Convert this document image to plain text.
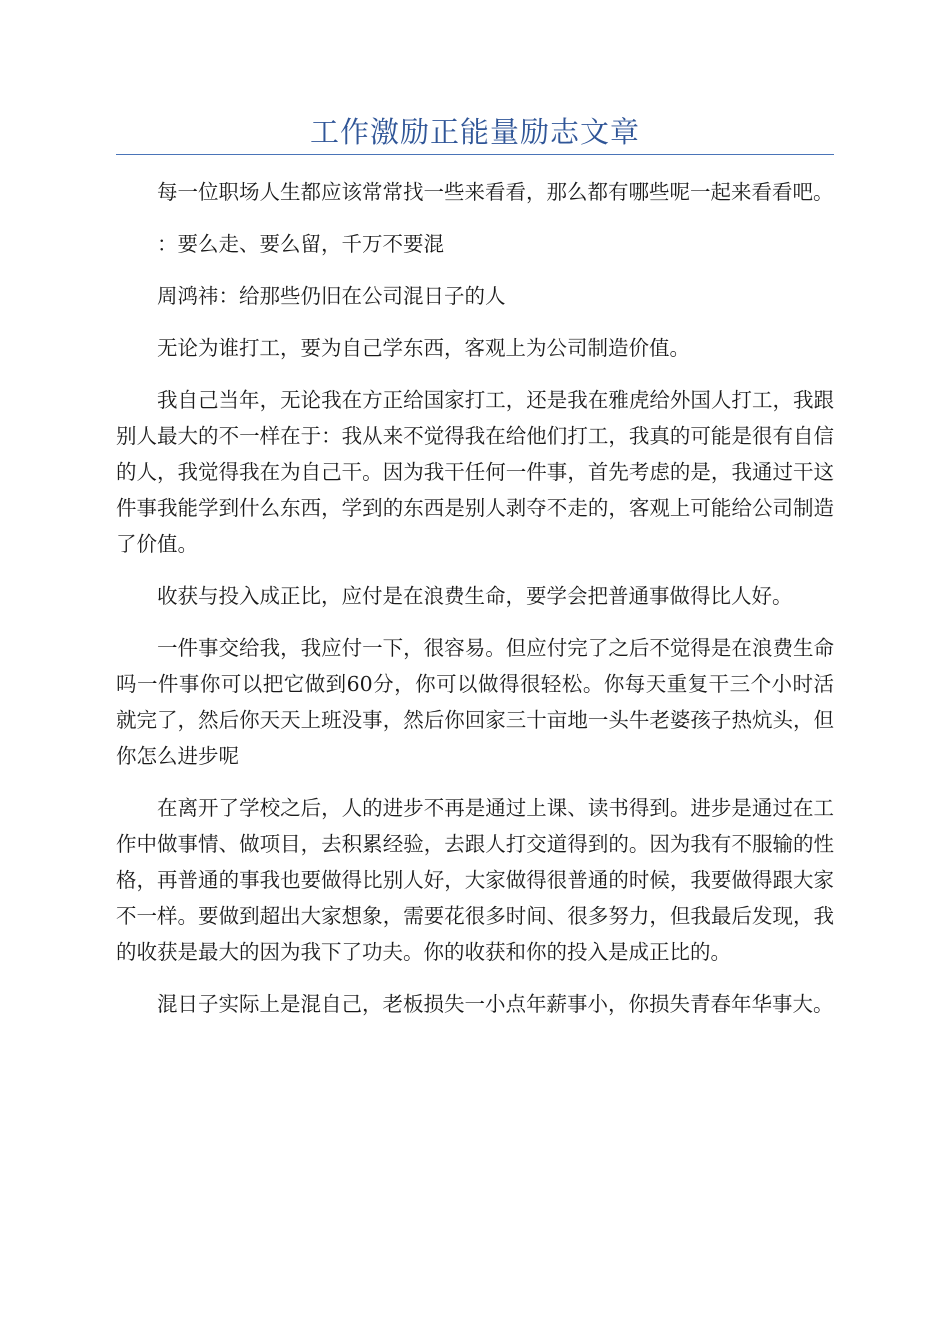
工作激励正能量励志文章

每一位职场人生都应该常常找一些来看看，那么都有哪些呢一起来看看吧。

：要么走、要么留，千万不要混

周鸿祎：给那些仍旧在公司混日子的人

无论为谁打工，要为自己学东西，客观上为公司制造价值。

我自己当年，无论我在方正给国家打工，还是我在雅虎给外国人打工，我跟别人最大的不一样在于：我从来不觉得我在给他们打工，我真的可能是很有自信的人，我觉得我在为自己干。因为我干任何一件事，首先考虑的是，我通过干这件事我能学到什么东西，学到的东西是别人剥夺不走的，客观上可能给公司制造了价值。

收获与投入成正比，应付是在浪费生命，要学会把普通事做得比人好。

一件事交给我，我应付一下，很容易。但应付完了之后不觉得是在浪费生命吗一件事你可以把它做到60分，你可以做得很轻松。你每天重复干三个小时活就完了，然后你天天上班没事，然后你回家三十亩地一头牛老婆孩子热炕头，但你怎么进步呢

在离开了学校之后，人的进步不再是通过上课、读书得到。进步是通过在工作中做事情、做项目，去积累经验，去跟人打交道得到的。因为我有不服输的性格，再普通的事我也要做得比别人好，大家做得很普通的时候，我要做得跟大家不一样。要做到超出大家想象，需要花很多时间、很多努力，但我最后发现，我的收获是最大的因为我下了功夫。你的收获和你的投入是成正比的。

混日子实际上是混自己，老板损失一小点年薪事小，你损失青春年华事大。
